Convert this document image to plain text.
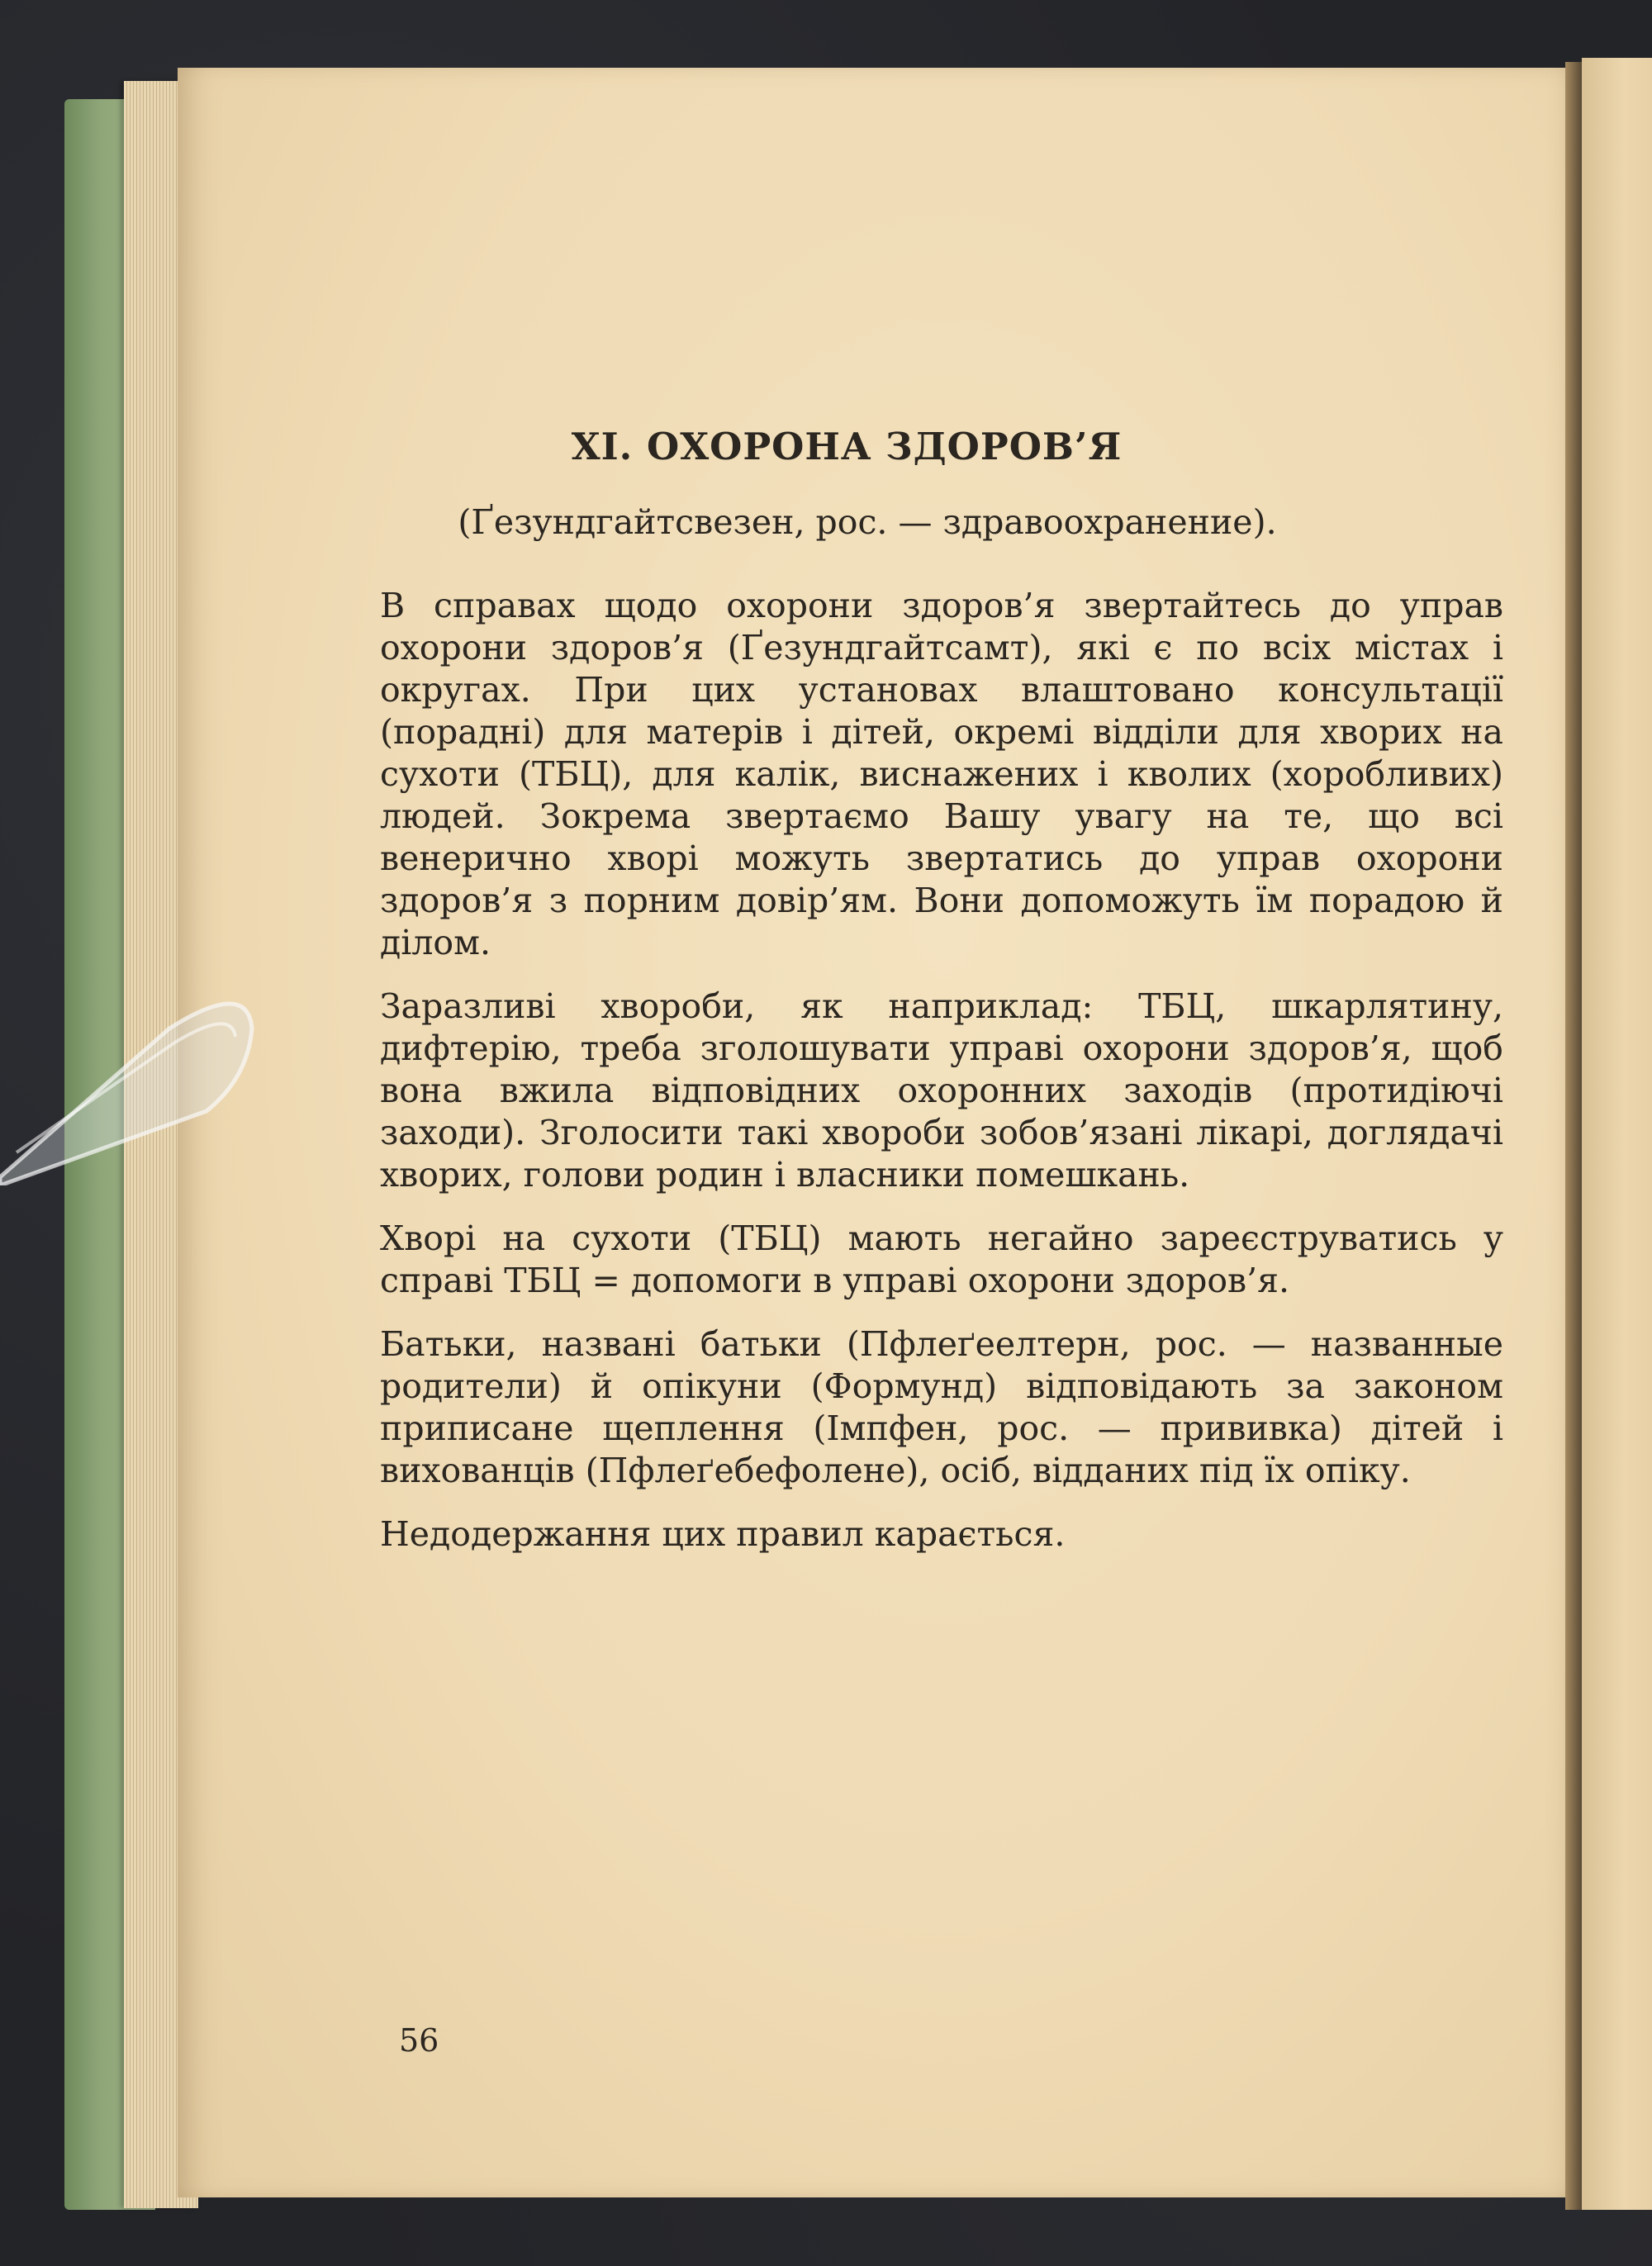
XI. ОХОРОНА ЗДОРОВ’Я
(Ґезундгайтсвезен, рос. — здравоохранение).

В справах щодо охорони здоров’я звертайтесь до управ охорони здоров’я (Ґезундгайтсамт), які є по всіх містах і округах. При цих установах влаштовано консультації (порадні) для матерів і дітей, окремі відділи для хворих на сухоти (ТБЦ), для калік, виснажених і кволих (хоробливих) людей. Зокрема звертаємо Вашу увагу на те, що всі венерично хворі можуть звертатись до управ охорони здоров’я з порним довір’ям. Вони допоможуть їм порадою й ділом.

Заразливі хвороби, як наприклад: ТБЦ, шкарлятину, дифтерію, треба зголошувати управі охорони здоров’я, щоб вона вжила відповідних охоронних заходів (протидіючі заходи). Зголосити такі хвороби зобов’язані лікарі, доглядачі хворих, голови родин і власники помешкань.

Хворі на сухоти (ТБЦ) мають негайно зареєструватись у справі ТБЦ = допомоги в управі охорони здоров’я.

Батьки, названі батьки (Пфлеґеелтерн, рос. — названные родители) й опікуни (Формунд) відповідають за законом приписане щеплення (Імпфен, рос. — прививка) дітей і вихованців (Пфлеґебефолене), осіб, відданих під їх опіку.

Недодержання цих правил карається.

56
